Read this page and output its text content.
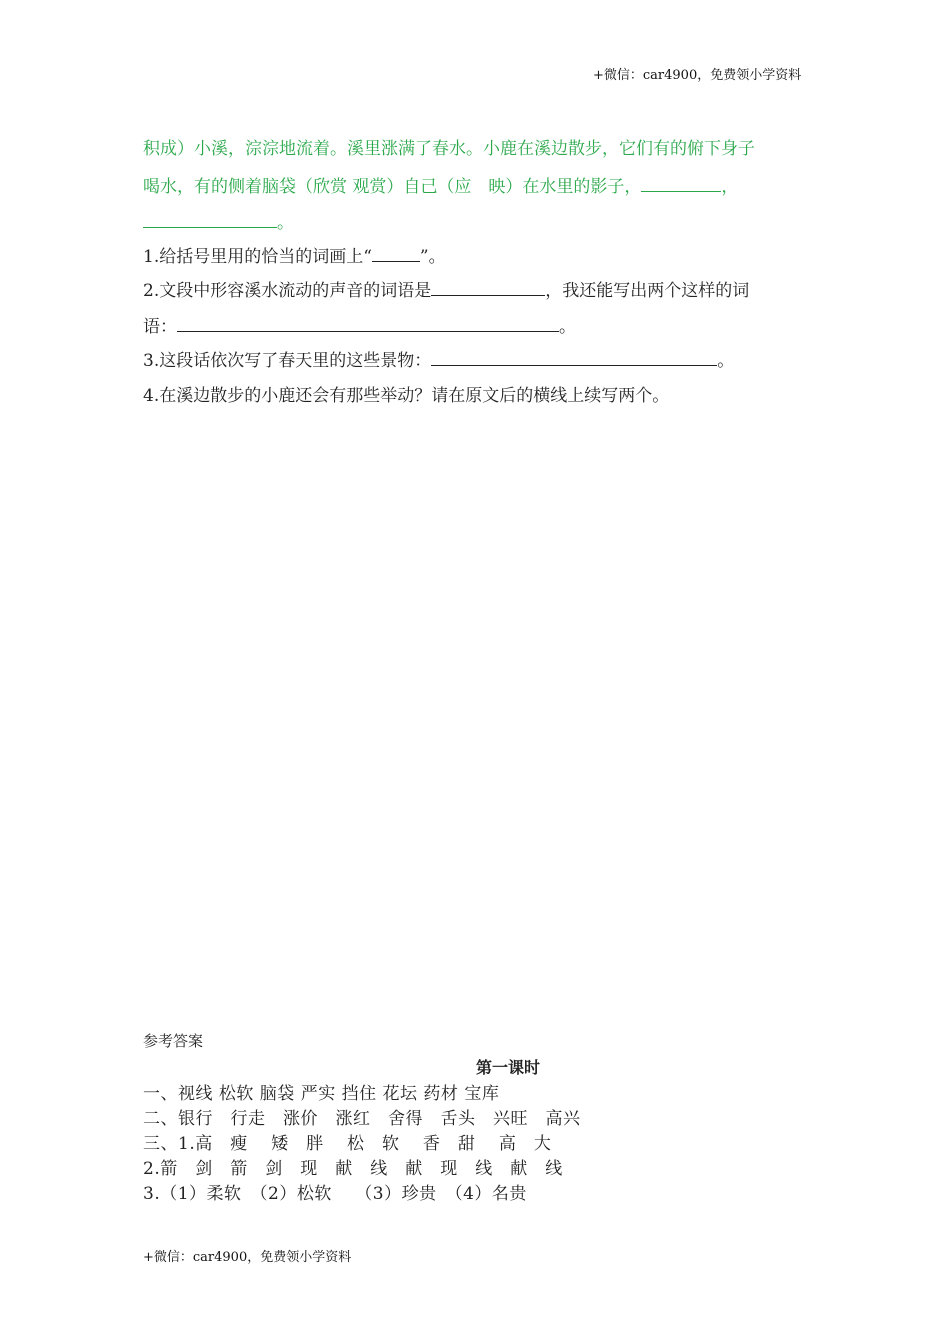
+微信：car4900，免费领小学资料
积成）小溪，淙淙地流着。溪里涨满了春水。小鹿在溪边散步，它们有的俯下身子
喝水，有的侧着脑袋（欣赏 观赏）自己（应　映）在水里的影子，	，
。
1.给括号里用的恰当的词画上“	”。
2.文段中形容溪水流动的声音的词语是	，我还能写出两个这样的词
语：	。
3.这段话依次写了春天里的这些景物：	。
4.在溪边散步的小鹿还会有那些举动？请在原文后的横线上续写两个。
参考答案
第一课时
一、视线 松软 脑袋 严实 挡住 花坛 药材 宝库
二、银行　行走　涨价　涨红　舍得　舌头　兴旺　高兴
三、1.高　瘦　 矮　胖　 松　软　 香　甜　 高　大
2.箭　剑　箭　剑　现　献　线　献　现　线　献　线
3.（1）柔软　（2）松软　 （3）珍贵　（4）名贵
+微信：car4900，免费领小学资料
